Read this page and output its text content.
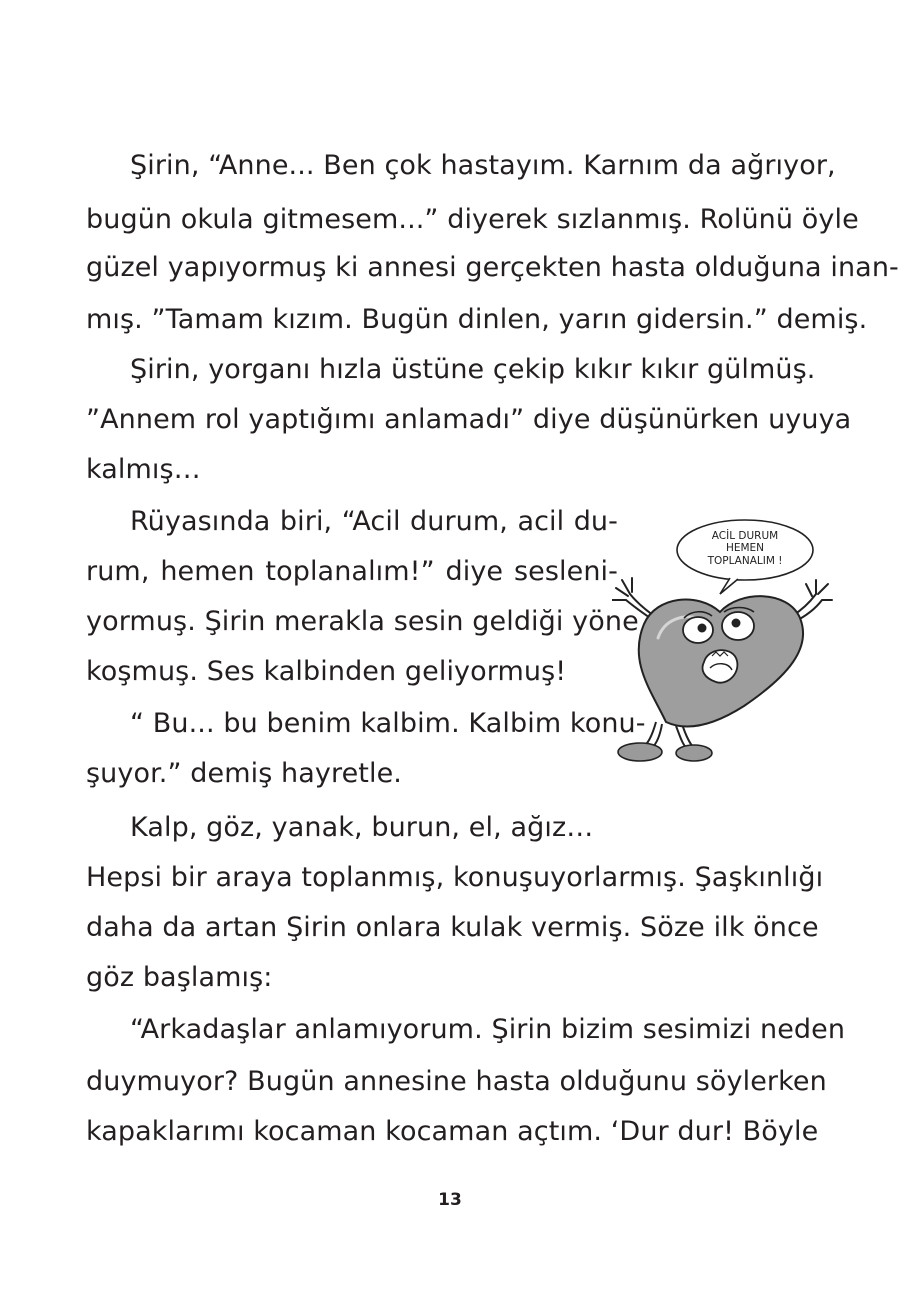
Şirin, “Anne... Ben çok hastayım. Karnım da ağrıyor,
bugün okula gitmesem...” diyerek sızlanmış. Rolünü öyle
güzel yapıyormuş ki annesi gerçekten hasta olduğuna inan-
mış. ”Tamam kızım. Bugün dinlen, yarın gidersin.” demiş.
Şirin, yorganı hızla üstüne çekip kıkır kıkır gülmüş.
”Annem rol yaptığımı anlamadı” diye düşünürken uyuya
kalmış…
Rüyasında biri, “Acil durum, acil du-
rum, hemen toplanalım!” diye sesleni-
yormuş. Şirin merakla sesin geldiği yöne
koşmuş. Ses kalbinden geliyormuş!
“ Bu... bu benim kalbim. Kalbim konu-
şuyor.” demiş hayretle.
Kalp, göz, yanak, burun, el, ağız…
Hepsi bir araya toplanmış, konuşuyorlarmış. Şaşkınlığı
daha da artan Şirin onlara kulak vermiş. Söze ilk önce
göz başlamış:
“Arkadaşlar anlamıyorum. Şirin bizim sesimizi neden
duymuyor? Bugün annesine hasta olduğunu söylerken
kapaklarımı kocaman kocaman açtım. ‘Dur dur! Böyle
ACİL DURUM
HEMEN
TOPLANALIM !
13
